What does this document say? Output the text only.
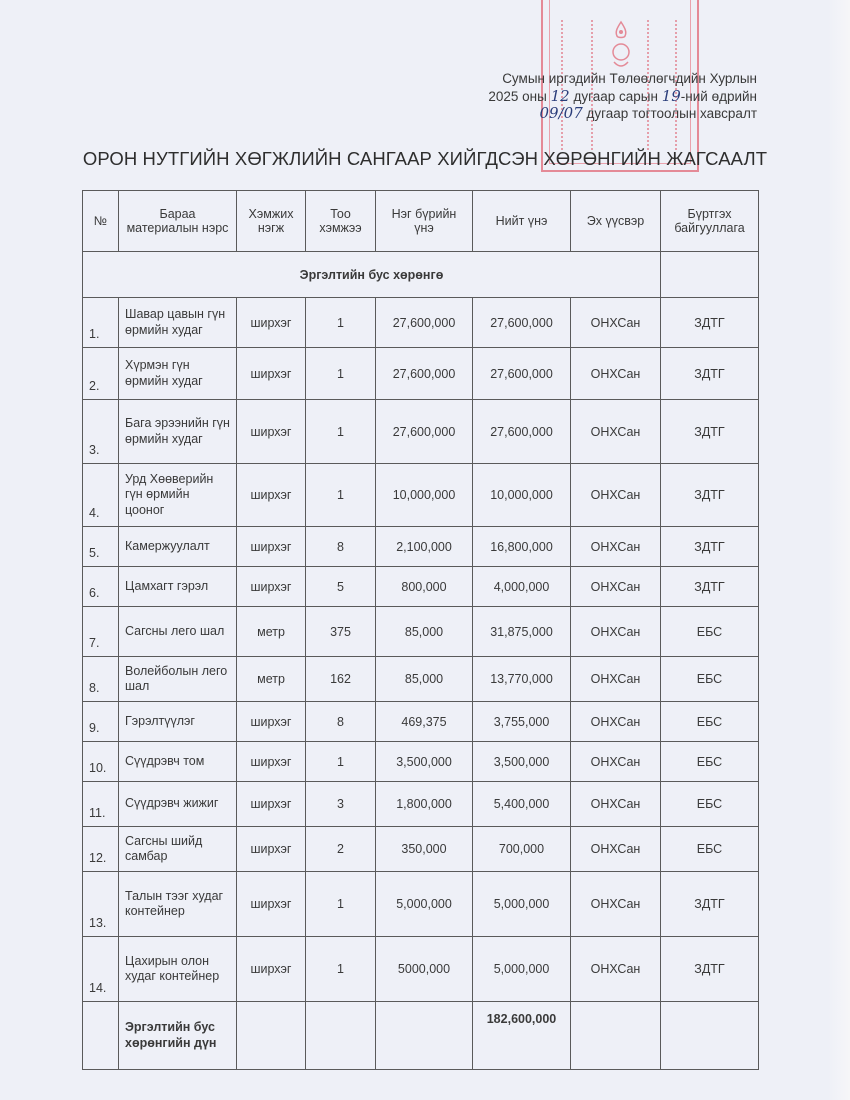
Сумын иргэдийн Төлөөлөгчдийн Хурлын
2025 оны 12 дугаар сарын 19-ний өдрийн
09/07 дугаар тогтоолын хавсралт
ОРОН НУТГИЙН ХӨГЖЛИЙН САНГААР ХИЙГДСЭН ХӨРӨНГИЙН ЖАГСААЛТ
№	Бараа материалын нэрс	Хэмжих нэгж	Тоо хэмжээ	Нэг бүрийн үнэ	Нийт үнэ	Эх үүсвэр	Бүртгэх байгууллага
Эргэлтийн бус хөрөнгө							
1.	Шавар цавын гүн өрмийн худаг	ширхэг	1	27,600,000	27,600,000	ОНХСан	ЗДТГ
2.	Хүрмэн гүн өрмийн худаг	ширхэг	1	27,600,000	27,600,000	ОНХСан	ЗДТГ
3.	Бага эрээнийн гүн өрмийн худаг	ширхэг	1	27,600,000	27,600,000	ОНХСан	ЗДТГ
4.	Урд Хөөверийн гүн өрмийн цооног	ширхэг	1	10,000,000	10,000,000	ОНХСан	ЗДТГ
5.	Камержуулалт	ширхэг	8	2,100,000	16,800,000	ОНХСан	ЗДТГ
6.	Цамхагт гэрэл	ширхэг	5	800,000	4,000,000	ОНХСан	ЗДТГ
7.	Сагсны лего шал	метр	375	85,000	31,875,000	ОНХСан	ЕБС
8.	Волейболын лего шал	метр	162	85,000	13,770,000	ОНХСан	ЕБС
9.	Гэрэлтүүлэг	ширхэг	8	469,375	3,755,000	ОНХСан	ЕБС
10.	Сүүдрэвч том	ширхэг	1	3,500,000	3,500,000	ОНХСан	ЕБС
11.	Сүүдрэвч жижиг	ширхэг	3	1,800,000	5,400,000	ОНХСан	ЕБС
12.	Сагсны шийд самбар	ширхэг	2	350,000	700,000	ОНХСан	ЕБС
13.	Талын тээг худаг контейнер	ширхэг	1	5,000,000	5,000,000	ОНХСан	ЗДТГ
14.	Цахирын олон худаг контейнер	ширхэг	1	5000,000	5,000,000	ОНХСан	ЗДТГ
	Эргэлтийн бус хөрөнгийн дүн				182,600,000		
